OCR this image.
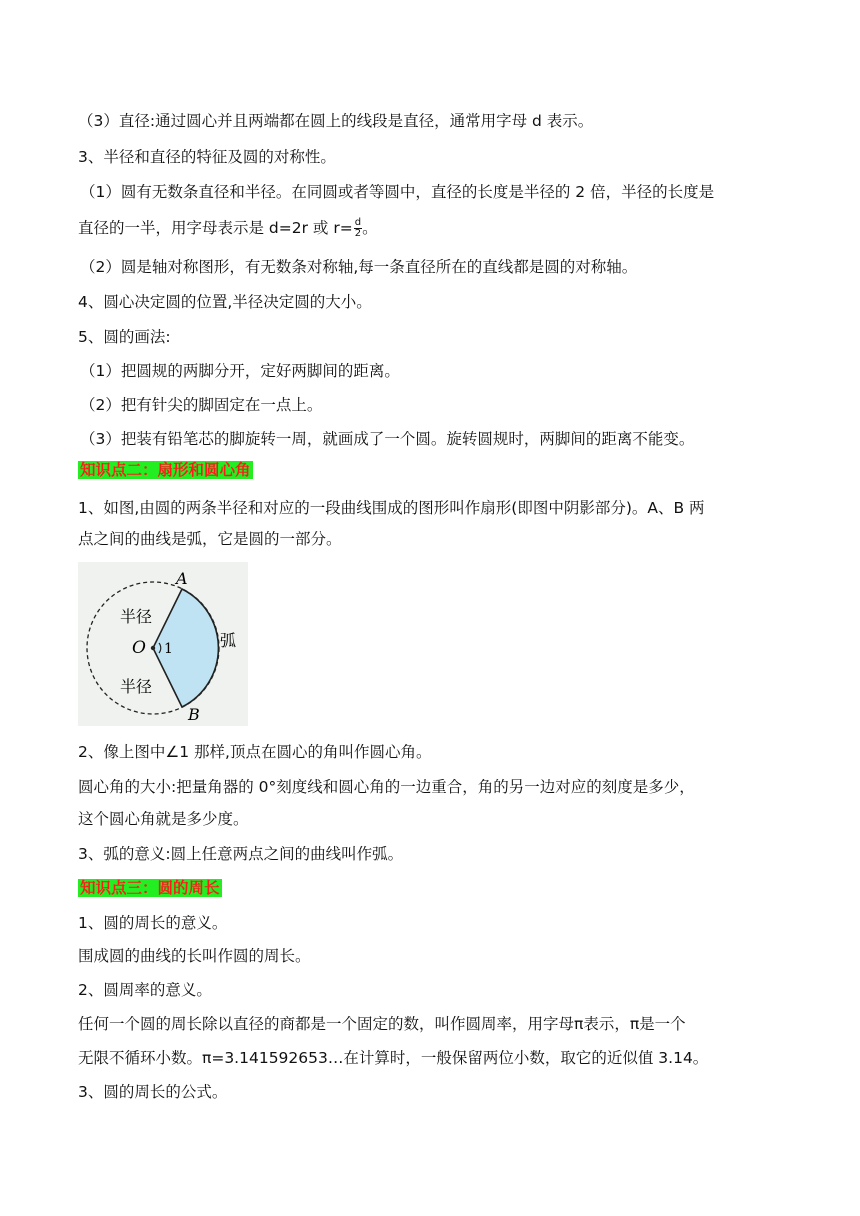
（3）直径:通过圆心并且两端都在圆上的线段是直径，通常用字母 d 表示。
3、半径和直径的特征及圆的对称性。
（1）圆有无数条直径和半径。在同圆或者等圆中，直径的长度是半径的 2 倍，半径的长度是
直径的一半，用字母表示是 d=2r 或 $r= \frac{d}{2}$ 。
（2）圆是轴对称图形，有无数条对称轴,每一条直径所在的直线都是圆的对称轴。
4、圆心决定圆的位置,半径决定圆的大小。
5、圆的画法:
（1）把圆规的两脚分开，定好两脚间的距离。
（2）把有针尖的脚固定在一点上。
（3）把装有铅笔芯的脚旋转一周，就画成了一个圆。旋转圆规时，两脚间的距离不能变。
知识点二：扇形和圆心角
1、如图,由圆的两条半径和对应的一段曲线围成的图形叫作扇形(即图中阴影部分)。A、B 两
点之间的曲线是弧，它是圆的一部分。
A
B
O 1
半径
半径
弧
2、像上图中∠1 那样,顶点在圆心的角叫作圆心角。
圆心角的大小:把量角器的 0°刻度线和圆心角的一边重合，角的另一边对应的刻度是多少，
这个圆心角就是多少度。
3、弧的意义:圆上任意两点之间的曲线叫作弧。
知识点三：圆的周长
1、圆的周长的意义。
围成圆的曲线的长叫作圆的周长。
2、圆周率的意义。
任何一个圆的周长除以直径的商都是一个固定的数，叫作圆周率，用字母π表示，π是一个
无限不循环小数。π=3.141592653…在计算时，一般保留两位小数，取它的近似值 3.14。
3、圆的周长的公式。
